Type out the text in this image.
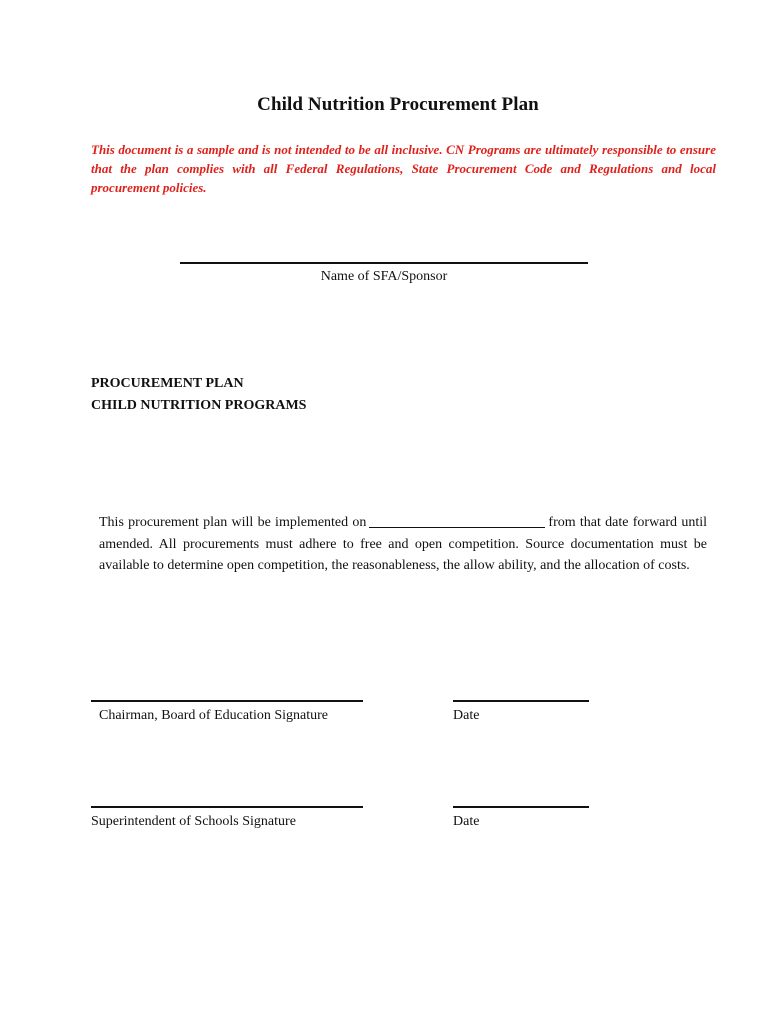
Child Nutrition Procurement Plan
This document is a sample and is not intended to be all inclusive. CN Programs are ultimately responsible to ensure that the plan complies with all Federal Regulations, State Procurement Code and Regulations and local procurement policies.
Name of SFA/Sponsor
PROCUREMENT PLAN
CHILD NUTRITION PROGRAMS
This procurement plan will be implemented on	from that date forward until amended. All procurements must adhere to free and open competition. Source documentation must be available to determine open competition, the reasonableness, the allow ability, and the allocation of costs.
Chairman, Board of Education Signature	Date
Superintendent of Schools Signature	Date
